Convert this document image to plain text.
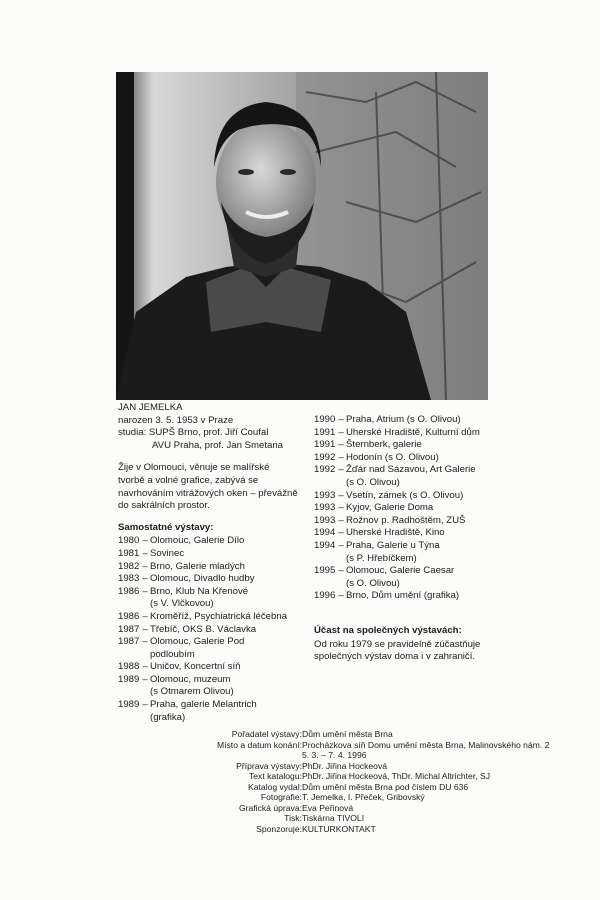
JAN JEMELKA
narozen 3. 5. 1953 v Praze
studia: SUPŠ Brno, prof. Jiří Coufal
AVU Praha, prof. Jan Smetana
Žije v Olomouci, věnuje se malířské
tvorbě a volné grafice, zabývá se
navrhováním vitrážových oken – převážně
do sakrálních prostor.
Samostatné výstavy:
1980 – Olomouc, Galerie Dílo
1981 – Sovinec
1982 – Brno, Galerie mladých
1983 – Olomouc, Divadlo hudby
1986 – Brno, Klub Na Křenové
(s V. Vlčkovou)
1986 – Kroměříž, Psychiatrická léčebna
1987 – Třebíč, OKS B. Václavka
1987 – Olomouc, Galerie Pod
podloubím
1988 – Uničov, Koncertní síň
1989 – Olomouc, muzeum
(s Otmarem Olivou)
1989 – Praha, galerie Melantrich
(grafika)
1990 – Praha, Atrium (s O. Olivou)
1991 – Uherské Hradiště, Kulturní dům
1991 – Šternberk, galerie
1992 – Hodonín (s O. Olivou)
1992 – Žďár nad Sázavou, Art Galerie
(s O. Olivou)
1993 – Vsetín, zámek (s O. Olivou)
1993 – Kyjov, Galerie Doma
1993 – Rožnov p. Radhoštěm, ZUŠ
1994 – Uherské Hradiště, Kino
1994 – Praha, Galerie u Týna
(s P. Hřebíčkem)
1995 – Olomouc, Galerie Caesar
(s O. Olivou)
1996 – Brno, Dům umění (grafika)
Účast na společných výstavách:
Od roku 1979 se pravidelně zúčastňuje
společných výstav doma i v zahraničí.
Pořadatel výstavy: Dům umění města Brna
Místo a datum konání: Procházkova síň Domu umění města Brna, Malinovského nám. 2
5. 3. – 7. 4. 1996
Příprava výstavy: PhDr. Jiřina Hockeová
Text katalogu: PhDr. Jiřina Hockeová, ThDr. Michal Altrichter, SJ
Katalog vydal: Dům umění města Brna pod číslem DU 636
Fotografie: T. Jemelka, I. Přeček, Gribovský
Grafická úprava: Eva Peřinová
Tisk: Tiskárna TIVOLI
Sponzoruje: KULTURKONTAKT
